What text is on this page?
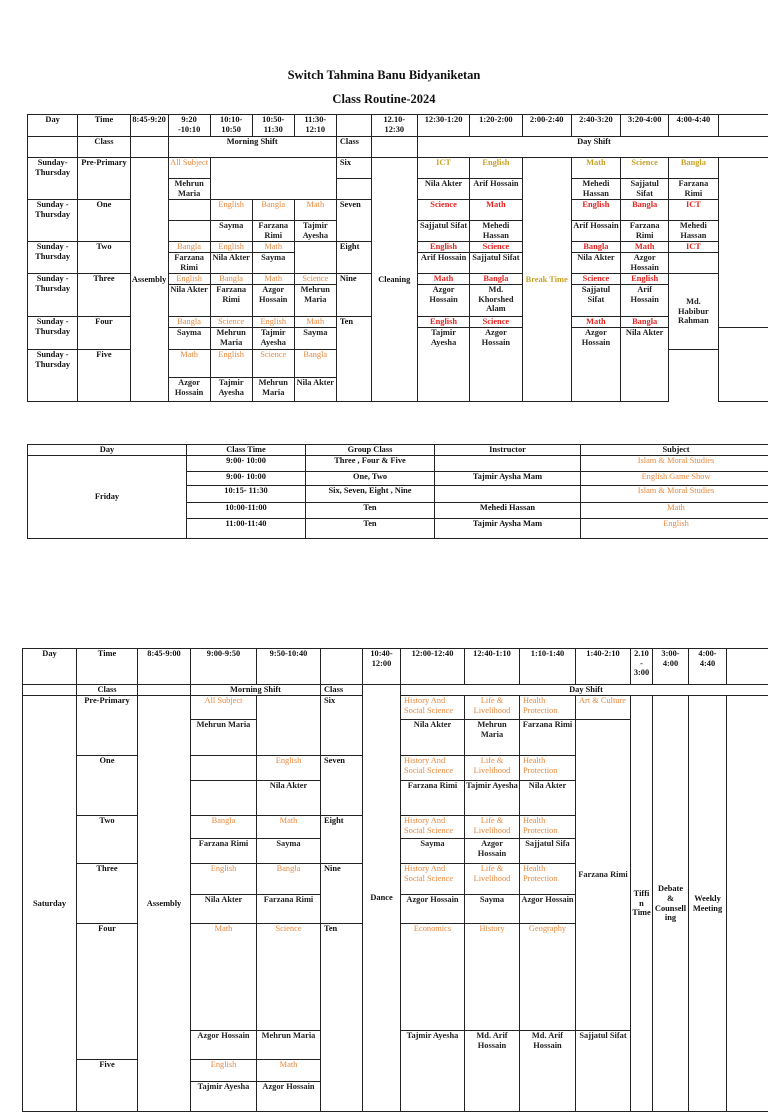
Switch Tahmina Banu Bidyaniketan
Class Routine-2024
Day	Time	8:45-9:20	9:20 -10:10	10:10- 10:50	10:50- 11:30	11:30- 12:10		12.10- 12:30	12:30-1:20	1:20-2:00	2:00-2:40	2:40-3:20	3:20-4:00	4:00-4:40	
	Class		Morning Shift				Class		Day Shift						
Sunday- Thursday	Pre-Primary	Assembly	All Subject				Six	Cleaning	ICT	English	Break Time	Math	Science	Bangla	
			Mehrun Maria						Nila Akter	Arif Hossain		Mehedi Hassan	Sajjatul Sifat	Farzana Rimi	
Sunday - Thursday	One			English	Bangla	Math	Seven		Science	Math		English	Bangla	ICT	
				Sayma	Farzana Rimi	Tajmir Ayesha			Sajjatul Sifat	Mehedi Hassan		Arif Hossain	Farzana Rimi	Mehedi Hassan	
Sunday - Thursday	Two		Bangla	English	Math		Eight		English	Science		Bangla	Math	ICT	
			Farzana Rimi	Nila Akter	Sayma				Arif Hossain	Sajjatul Sifat		Nila Akter	Azgor Hossain		
Sunday - Thursday	Three		English	Bangla	Math	Science	Nine		Math	Bangla		Science	English	Md. Habibur Rahman	
			Nila Akter	Farzana Rimi	Azgor Hossain	Mehrun Maria			Azgor Hossain	Md. Khorshed Alam		Sajjatul Sifat	Arif Hossain		
Sunday - Thursday	Four		Bangla	Science	English	Math	Ten		English	Science		Math	Bangla		
			Sayma	Mehrun Maria	Tajmir Ayesha	Sayma			Tajmir Ayesha	Azgor Hossain		Azgor Hossain	Nila Akter		
Sunday - Thursday	Five		Math	English	Science	Bangla									
			Azgor Hossain	Tajmir Ayesha	Mehrun Maria	Nila Akter									
Day	Class Time	Group Class	Instructor	Subject
Friday	9:00- 10:00	Three , Four & Five		Islam & Moral Studies
	9:00- 10:00	One, Two	Tajmir Aysha Mam	English Game Show
	10:15- 11:30	Six, Seven, Eight , Nine		Islam & Moral Studies
	10:00-11:00	Ten	Mehedi Hassan	Math
	11:00-11:40	Ten	Tajmir Aysha Mam	English
Day	Time	8:45-9:00	9:00-9:50	9:50-10:40		10:40- 12:00	12:00-12:40	12:40-1:10	1:10-1:40	1:40-2:10	2.10 - 3:00	3:00- 4:00	4:00- 4:40		
	Class		Morning Shift		Class	Dance	Day Shift								
Saturday	Pre-Primary	Assembly	All Subject		Six		History And Social Science	Life & Livelihood	Health Protection	Art & Culture	Tiffin Time	Debate & Counselling	Weekly Meeting		
			Mehrun Maria				Nila Akter	Mehrun Maria	Farzana Rimi	Farzana Rimi					
	One			English	Seven		History And Social Science	Life & Livelihood	Health Protection						
				Nila Akter			Farzana Rimi	Tajmir Ayesha	Nila Akter						
	Two		Bangla	Math	Eight		History And Social Science	Life & Livelihood	Health Protection						
			Farzana Rimi	Sayma			Sayma	Azgor Hossain	Sajjatul Sifa						
	Three		English	Bangla	Nine		History And Social Science	Life & Livelihood	Health Protection						
			Nila Akter	Farzana Rimi			Azgor Hossain	Sayma	Azgor Hossain						
	Four		Math	Science	Ten		Economics	History	Geography	
			Azgor Hossain	Mehrun Maria			Tajmir Ayesha	Md. Arif Hossain	Md. Arif Hossain	Sajjatul Sifat					
	Five		English	Math											
			Tajmir Ayesha	Azgor Hossain											
